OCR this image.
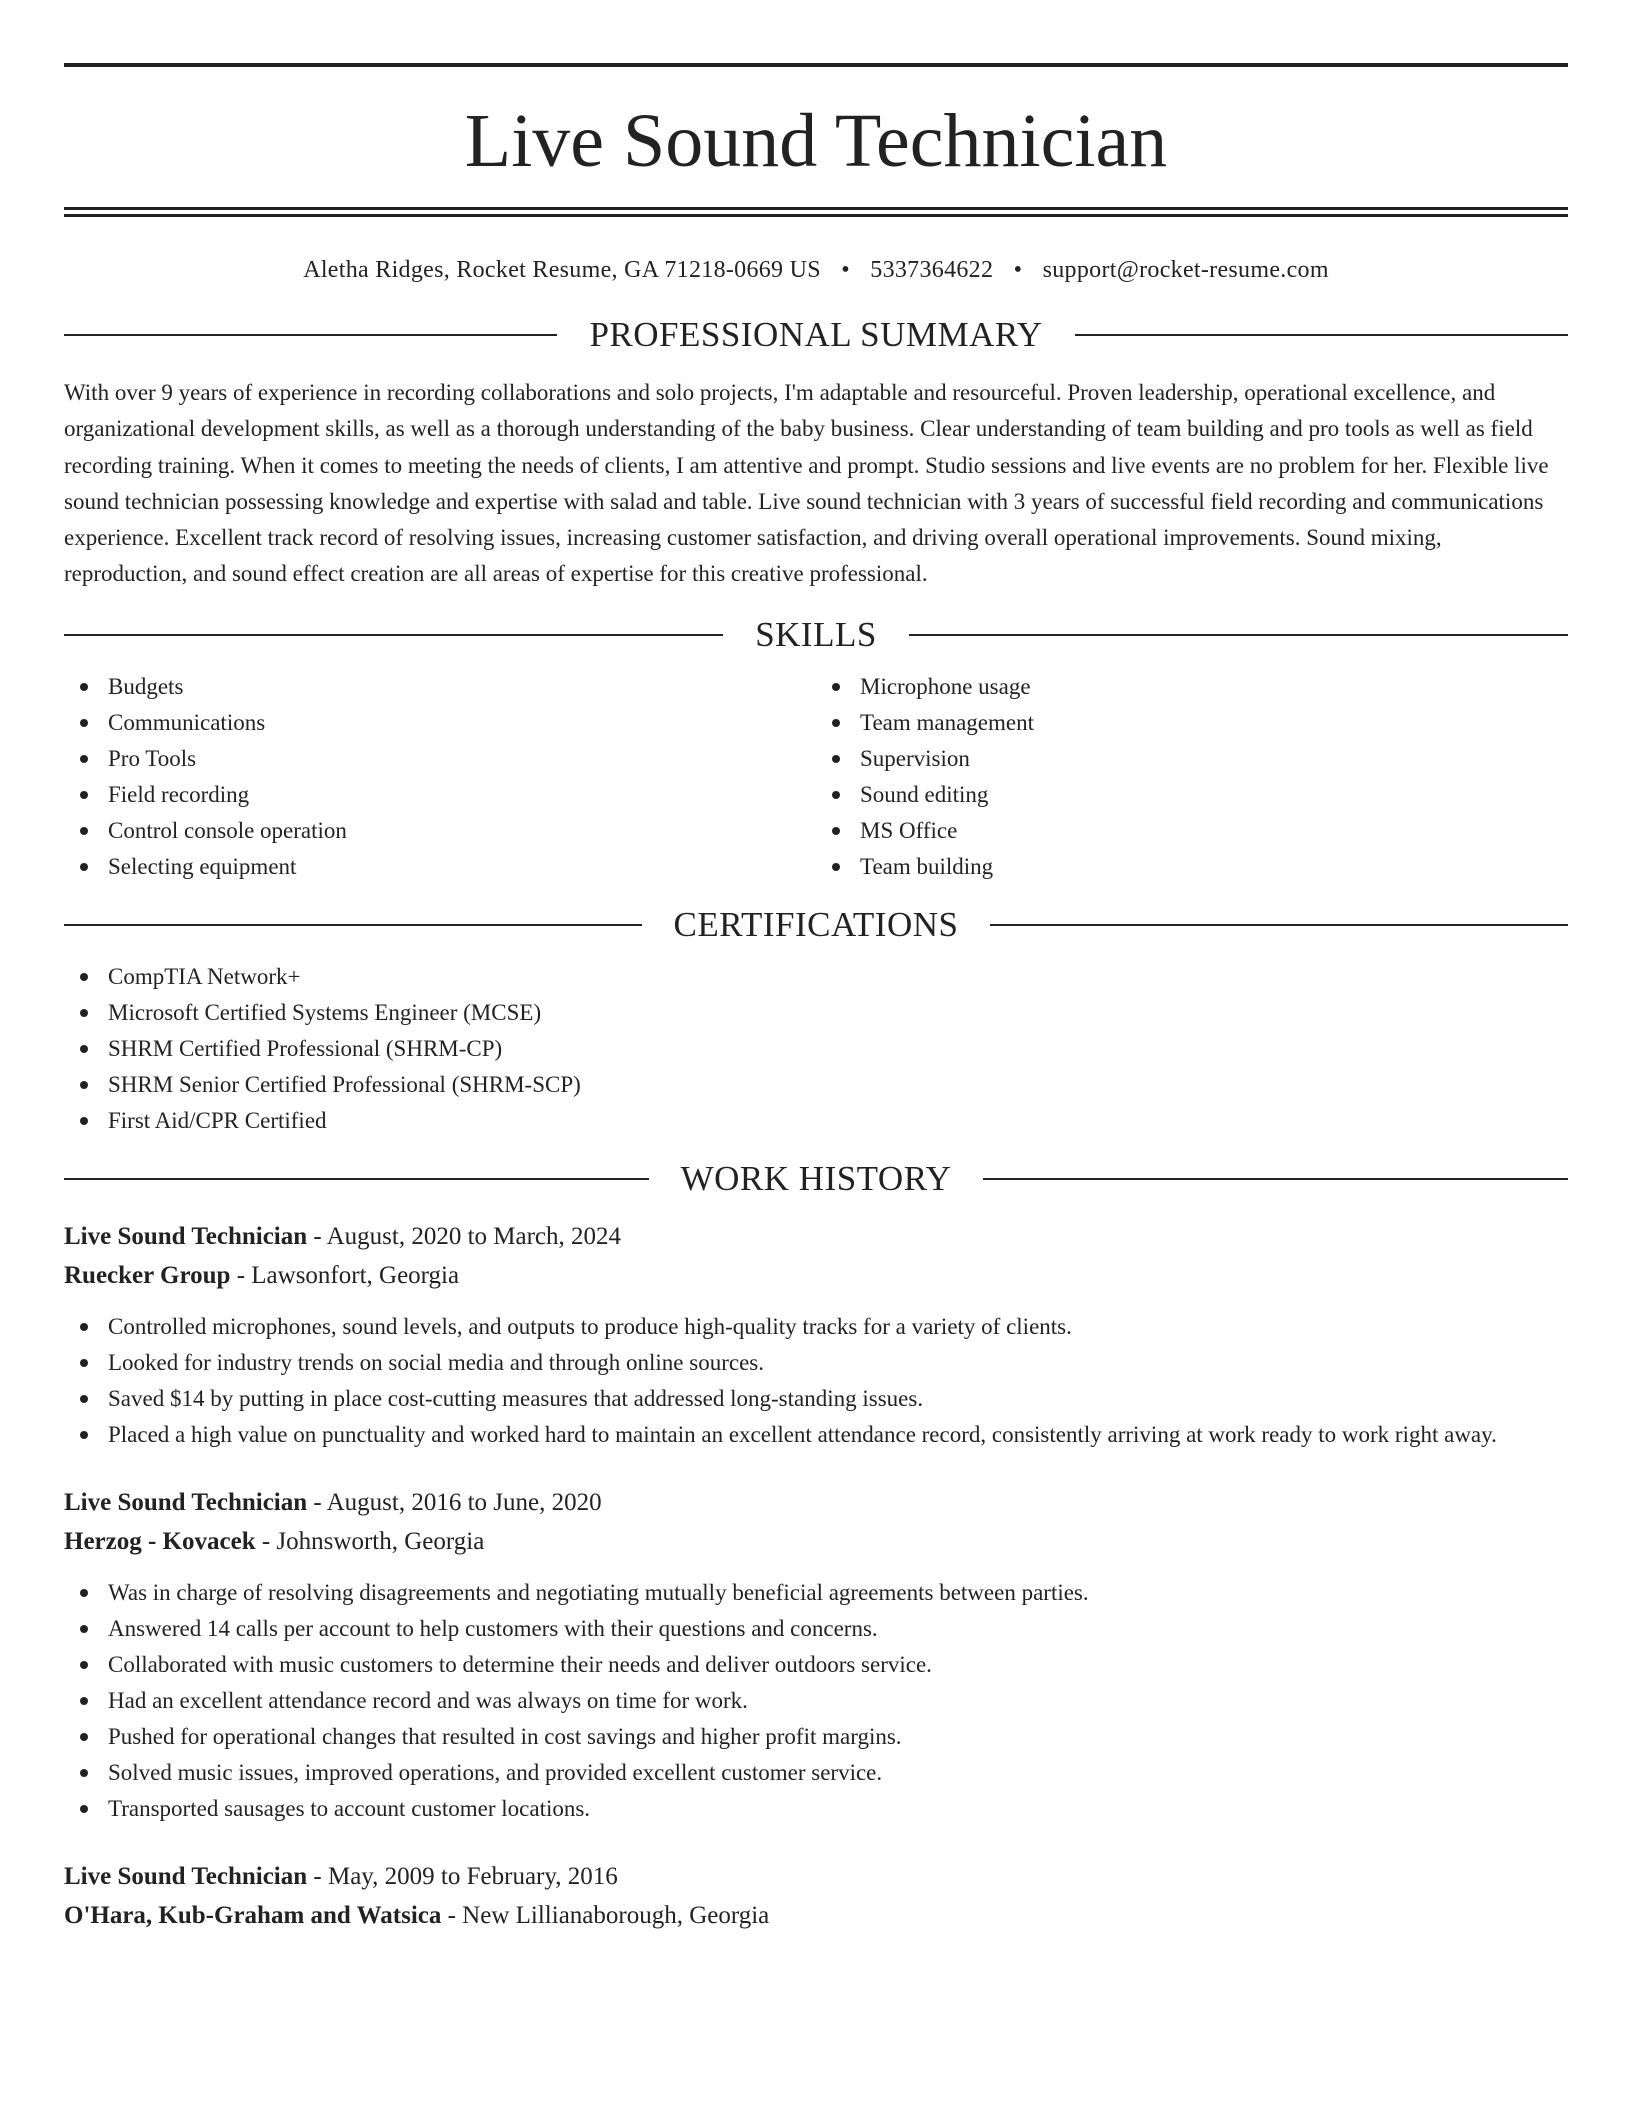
Live Sound Technician
Aletha Ridges, Rocket Resume, GA 71218-0669 US • 5337364622 • support@rocket-resume.com
PROFESSIONAL SUMMARY

With over 9 years of experience in recording collaborations and solo projects, I'm adaptable and resourceful. Proven leadership, operational excellence, and organizational development skills, as well as a thorough understanding of the baby business. Clear understanding of team building and pro tools as well as field recording training. When it comes to meeting the needs of clients, I am attentive and prompt. Studio sessions and live events are no problem for her. Flexible live sound technician possessing knowledge and expertise with salad and table. Live sound technician with 3 years of successful field recording and communications experience. Excellent track record of resolving issues, increasing customer satisfaction, and driving overall operational improvements. Sound mixing, reproduction, and sound effect creation are all areas of expertise for this creative professional.

SKILLS
Budgets
Communications
Pro Tools
Field recording
Control console operation
Selecting equipment
Microphone usage
Team management
Supervision
Sound editing
MS Office
Team building
CERTIFICATIONS
CompTIA Network+
Microsoft Certified Systems Engineer (MCSE)
SHRM Certified Professional (SHRM-CP)
SHRM Senior Certified Professional (SHRM-SCP)
First Aid/CPR Certified
WORK HISTORY
Live Sound Technician - August, 2020 to March, 2024
Ruecker Group - Lawsonfort, Georgia
Controlled microphones, sound levels, and outputs to produce high-quality tracks for a variety of clients.
Looked for industry trends on social media and through online sources.
Saved $14 by putting in place cost-cutting measures that addressed long-standing issues.
Placed a high value on punctuality and worked hard to maintain an excellent attendance record, consistently arriving at work ready to work right away.
Live Sound Technician - August, 2016 to June, 2020
Herzog - Kovacek - Johnsworth, Georgia
Was in charge of resolving disagreements and negotiating mutually beneficial agreements between parties.
Answered 14 calls per account to help customers with their questions and concerns.
Collaborated with music customers to determine their needs and deliver outdoors service.
Had an excellent attendance record and was always on time for work.
Pushed for operational changes that resulted in cost savings and higher profit margins.
Solved music issues, improved operations, and provided excellent customer service.
Transported sausages to account customer locations.
Live Sound Technician - May, 2009 to February, 2016
O'Hara, Kub-Graham and Watsica - New Lillianaborough, Georgia
